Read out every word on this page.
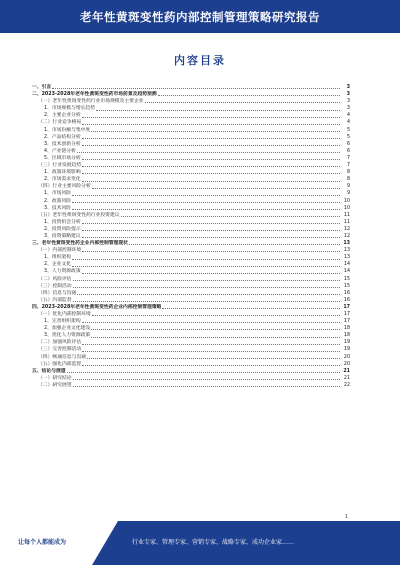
老年性黄斑变性药内部控制管理策略研究报告
内容目录
一、引言	3
二、2023-2028年老年性黄斑变性药市场前景及趋势预测	3
（一）老年性黄斑变性药行业市场规模及主要企业	3
1、市场规模与增长趋势	3
2、主要企业分析	4
（二）行业竞争格局	4
1、市场份额与集中度	5
2、产品结构分析	5
3、技术创新分析	6
4、产业链分析	6
5、区域市场分析	7
（三）行业发展趋势	7
1、政策环境影响	8
2、市场需求变化	8
（四）行业主要风险分析	9
1、市场风险	9
2、政策风险	10
3、技术风险	10
（五）老年性黄斑变性药行业投资建议	11
1、投资机会分析	11
2、投资风险提示	12
3、投资策略建议	12
三、老年性黄斑变性药企业内部控制管理现状	13
（一）内部控制环境	13
1、组织架构	13
2、企业文化	14
3、人力资源政策	14
（二）风险评估	15
（三）控制活动	15
（四）信息与沟通	16
（五）内部监督	16
四、2023-2028年老年性黄斑变性药企业内部控制管理策略	17
（一）优化内部控制环境	17
1、完善组织架构	17
2、加强企业文化建设	18
3、优化人力资源政策	18
（二）加强风险评估	19
（三）完善控制活动	19
（四）畅通信息与沟通	20
（五）强化内部监督	20
五、结论与展望	21
（一）研究结论	21
（二）研究展望	22
1
让每个人都能成为	行业专家、管理专家、营销专家、战略专家、成功企业家……
